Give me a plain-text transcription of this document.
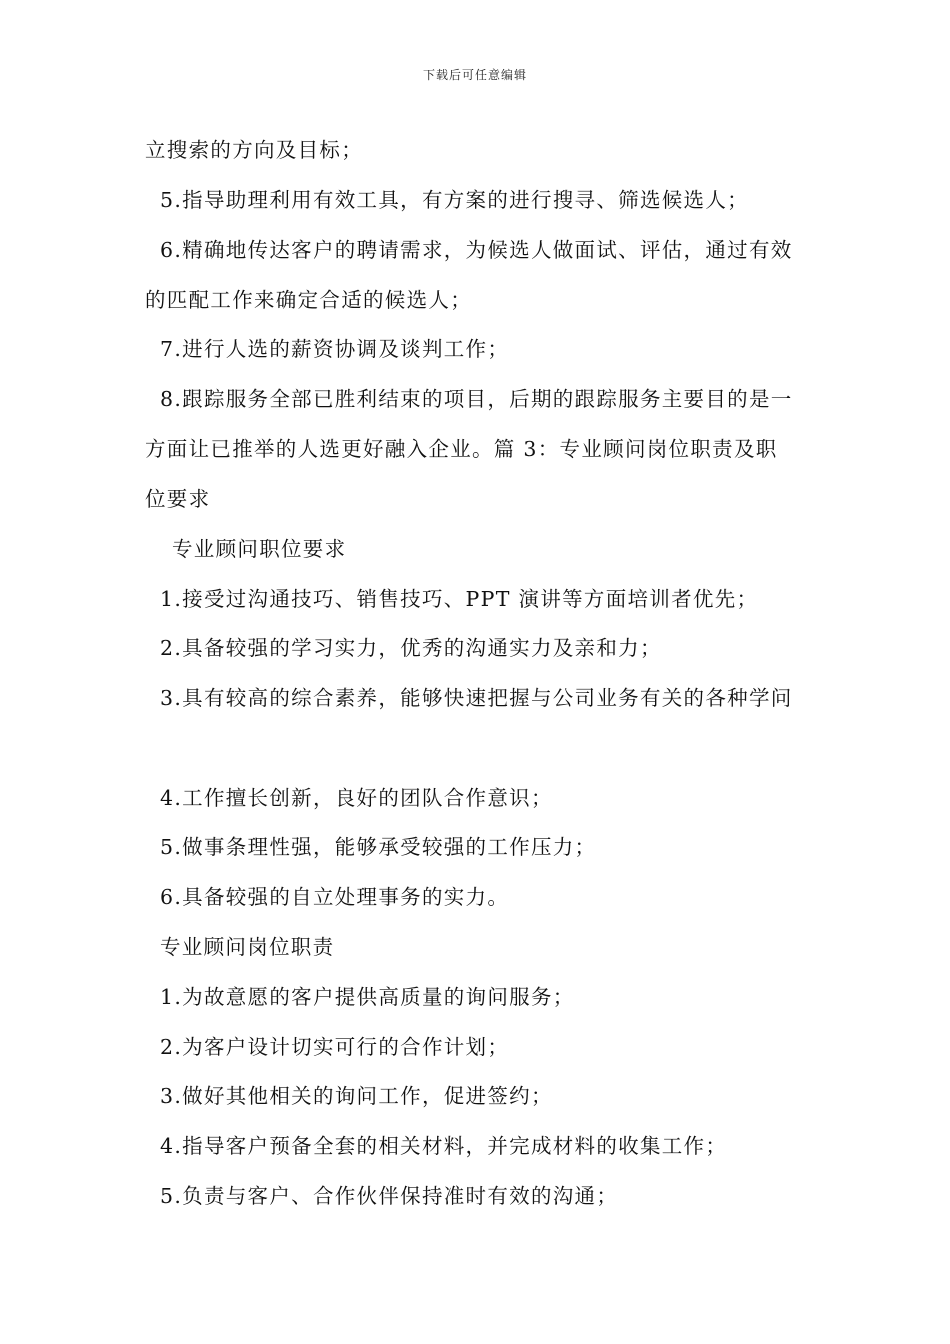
下载后可任意编辑
立搜索的方向及目标；
5.指导助理利用有效工具，有方案的进行搜寻、筛选候选人；
6.精确地传达客户的聘请需求，为候选人做面试、评估，通过有效
的匹配工作来确定合适的候选人；
7.进行人选的薪资协调及谈判工作；
8.跟踪服务全部已胜利结束的项目，后期的跟踪服务主要目的是一
方面让已推举的人选更好融入企业。篇 3：专业顾问岗位职责及职
位要求
专业顾问职位要求
1.接受过沟通技巧、销售技巧、PPT 演讲等方面培训者优先；
2.具备较强的学习实力，优秀的沟通实力及亲和力；
3.具有较高的综合素养，能够快速把握与公司业务有关的各种学问
4.工作擅长创新，良好的团队合作意识；
5.做事条理性强，能够承受较强的工作压力；
6.具备较强的自立处理事务的实力。
专业顾问岗位职责
1.为故意愿的客户提供高质量的询问服务；
2.为客户设计切实可行的合作计划；
3.做好其他相关的询问工作，促进签约；
4.指导客户预备全套的相关材料，并完成材料的收集工作；
5.负责与客户、合作伙伴保持准时有效的沟通；
